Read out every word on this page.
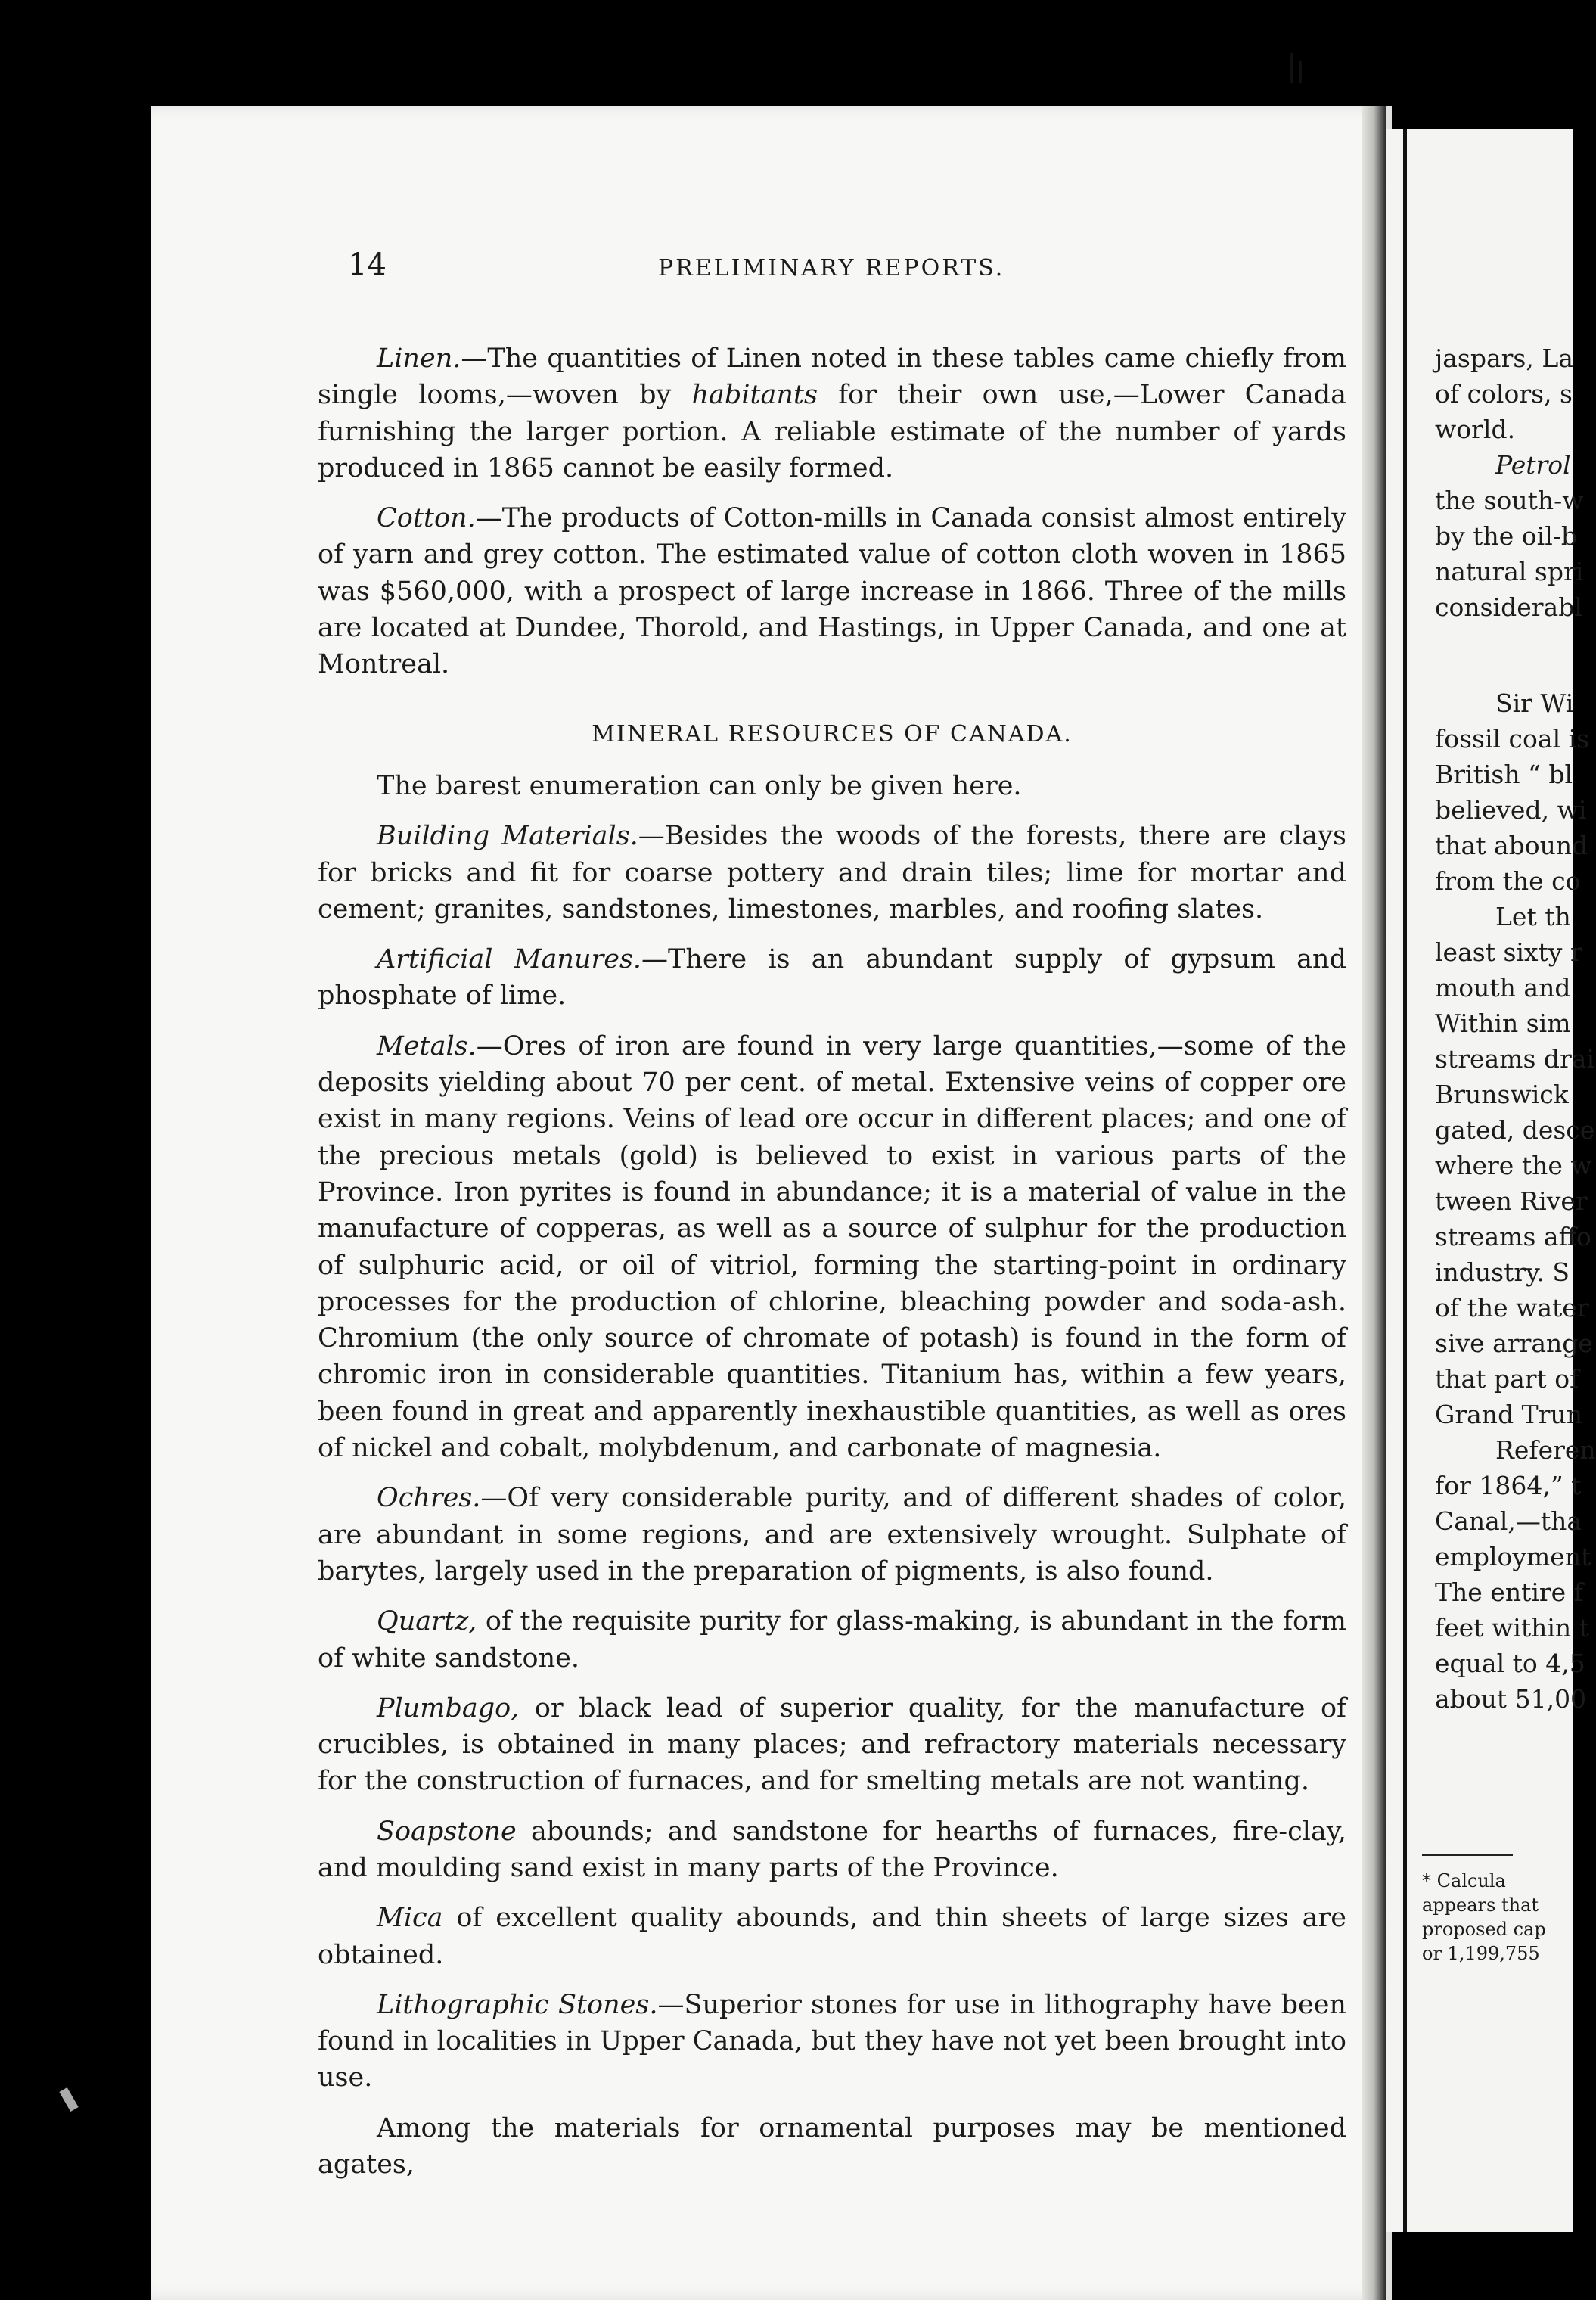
14	PRELIMINARY REPORTS.

Linen.—The quantities of Linen noted in these tables came chiefly from single looms,—woven by habitants for their own use,—Lower Canada furnishing the larger portion. A reliable estimate of the number of yards produced in 1865 cannot be easily formed.

Cotton.—The products of Cotton-mills in Canada consist almost entirely of yarn and grey cotton. The estimated value of cotton cloth woven in 1865 was $560,000, with a prospect of large increase in 1866. Three of the mills are located at Dundee, Thorold, and Hastings, in Upper Canada, and one at Montreal.

MINERAL RESOURCES OF CANADA.

The barest enumeration can only be given here.

Building Materials.—Besides the woods of the forests, there are clays for bricks and fit for coarse pottery and drain tiles; lime for mortar and cement; granites, sandstones, limestones, marbles, and roofing slates.

Artificial Manures.—There is an abundant supply of gypsum and phosphate of lime.

Metals.—Ores of iron are found in very large quantities,—some of the deposits yielding about 70 per cent. of metal. Extensive veins of copper ore exist in many regions. Veins of lead ore occur in different places; and one of the precious metals (gold) is believed to exist in various parts of the Province. Iron pyrites is found in abundance; it is a material of value in the manufacture of copperas, as well as a source of sulphur for the production of sulphuric acid, or oil of vitriol, forming the starting-point in ordinary processes for the production of chlorine, bleaching powder and soda-ash. Chromium (the only source of chromate of potash) is found in the form of chromic iron in considerable quantities. Titanium has, within a few years, been found in great and apparently inexhaustible quantities, as well as ores of nickel and cobalt, molybdenum, and carbonate of magnesia.

Ochres.—Of very considerable purity, and of different shades of color, are abundant in some regions, and are extensively wrought. Sulphate of barytes, largely used in the preparation of pigments, is also found.

Quartz, of the requisite purity for glass-making, is abundant in the form of white sandstone.

Plumbago, or black lead of superior quality, for the manufacture of crucibles, is obtained in many places; and refractory materials necessary for the construction of furnaces, and for smelting metals are not wanting.

Soapstone abounds; and sandstone for hearths of furnaces, fire-clay, and moulding sand exist in many parts of the Province.

Mica of excellent quality abounds, and thin sheets of large sizes are obtained.

Lithographic Stones.—Superior stones for use in lithography have been found in localities in Upper Canada, but they have not yet been brought into use.

Among the materials for ornamental purposes may be mentioned agates,

jaspars, La
of colors, s
world.
Petrol
the south-w
by the oil-b
natural spri
considerabl
Sir Wi
fossil coal is
British “ bl
believed, wi
that abound
from the co
Let th
least sixty r
mouth and
Within sim
streams drai
Brunswick
gated, desce
where the w
tween River
streams affo
industry. S
of the water
sive arrange
that part of
Grand Trun
Referen
for 1864,” t
Canal,—tha
employment
The entire f
feet within t
equal to 4,5
about 51,00
* Calcula
appears that
proposed cap
or 1,199,755
